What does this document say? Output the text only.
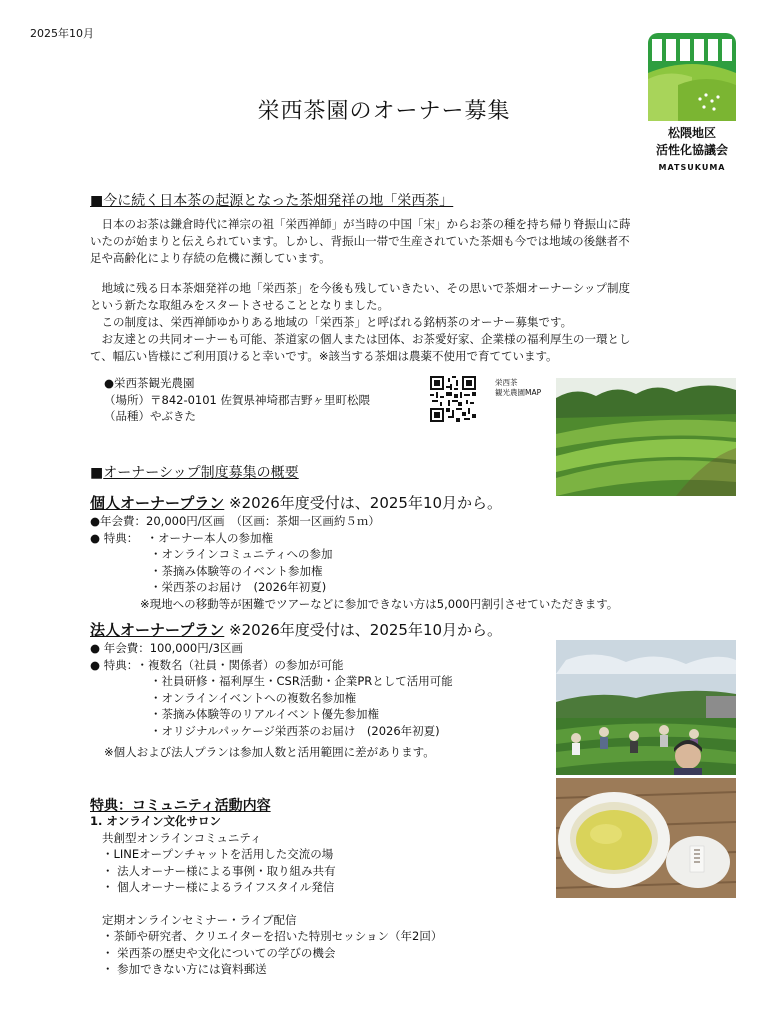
2025年10月
栄西茶園のオーナー募集
松隈地区
活性化協議会
MATSUKUMA
■今に続く日本茶の起源となった茶畑発祥の地「栄西茶」
　日本のお茶は鎌倉時代に禅宗の祖「栄西禅師」が当時の中国「宋」からお茶の種を持ち帰り脊振山に蒔
いたのが始まりと伝えられています。しかし、背振山一帯で生産されていた茶畑も今では地域の後継者不
足や高齢化により存続の危機に瀕しています。
　地域に残る日本茶畑発祥の地「栄西茶」を今後も残していきたい、その思いで茶畑オーナーシップ制度
という新たな取組みをスタートさせることとなりました。
　この制度は、栄西禅師ゆかりある地域の「栄西茶」と呼ばれる銘柄茶のオーナー募集です。
　お友達との共同オーナーも可能、茶道家の個人または団体、お茶愛好家、企業様の福利厚生の一環とし
て、幅広い皆様にご利用頂けると幸いです。※該当する茶畑は農薬不使用で育てています。
●栄西茶観光農園
（場所）〒842-0101 佐賀県神埼郡吉野ヶ里町松隈
（品種）やぶきた
栄西茶
観光農園MAP
■オーナーシップ制度募集の概要
個人オーナープラン ※2026年度受付は、2025年10月から。
●年会費：20,000円/区画　（区画：茶畑一区画約５ｍ）
● 特典： ・オーナー本人の参加権
・オンラインコミュニティへの参加
・茶摘み体験等のイベント参加権
・栄西茶のお届け　(2026年初夏)
※現地への移動等が困難でツアーなどに参加できない方は5,000円割引させていただきます。
法人オーナープラン ※2026年度受付は、2025年10月から。
● 年会費：100,000円/3区画
● 特典： ・複数名（社員・関係者）の参加が可能
・社員研修・福利厚生・CSR活動・企業PRとして活用可能
・オンラインイベントへの複数名参加権
・茶摘み体験等のリアルイベント優先参加権
・オリジナルパッケージ栄西茶のお届け　(2026年初夏)
※個人および法人プランは参加人数と活用範囲に差があります。
特典：コミュニティ活動内容
1. オンライン文化サロン
共創型オンラインコミュニティ
・LINEオープンチャットを活用した交流の場
・ 法人オーナー様による事例・取り組み共有
・ 個人オーナー様によるライフスタイル発信
定期オンラインセミナー・ライブ配信
・茶師や研究者、クリエイターを招いた特別セッション（年2回）
・ 栄西茶の歴史や文化についての学びの機会
・ 参加できない方には資料郵送
